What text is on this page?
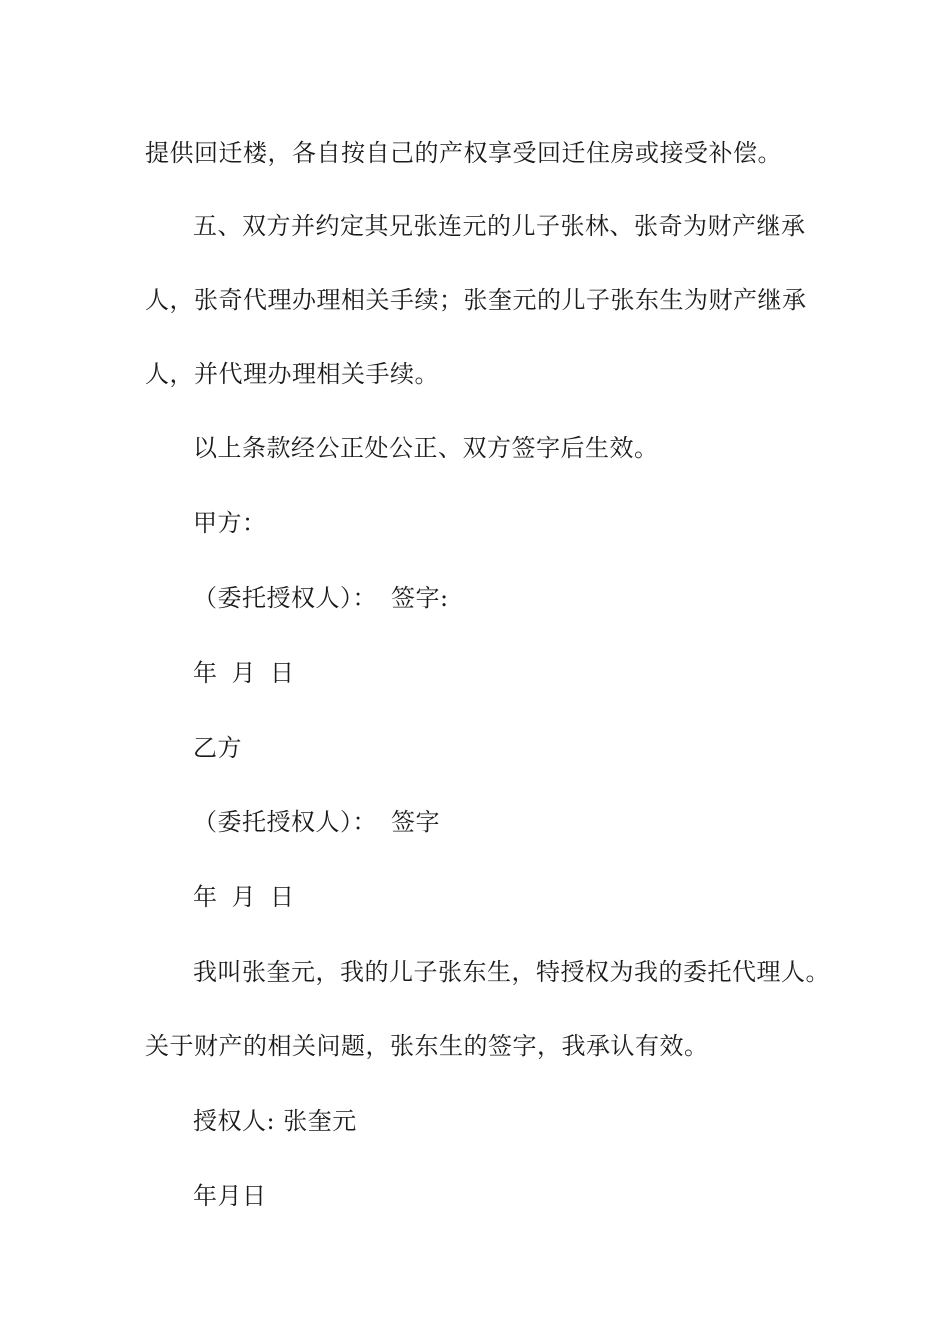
提供回迁楼，各自按自己的产权享受回迁住房或接受补偿。
五、双方并约定其兄张连元的儿子张林、张奇为财产继承
人，张奇代理办理相关手续；张奎元的儿子张东生为财产继承
人，并代理办理相关手续。
以上条款经公正处公正、双方签字后生效。
甲方：
（委托授权人）： 签字:
年 月 日
乙方
（委托授权人）： 签字
年 月 日
我叫张奎元，我的儿子张东生，特授权为我的委托代理人。
关于财产的相关问题，张东生的签字，我承认有效。
授权人: 张奎元
年月日
